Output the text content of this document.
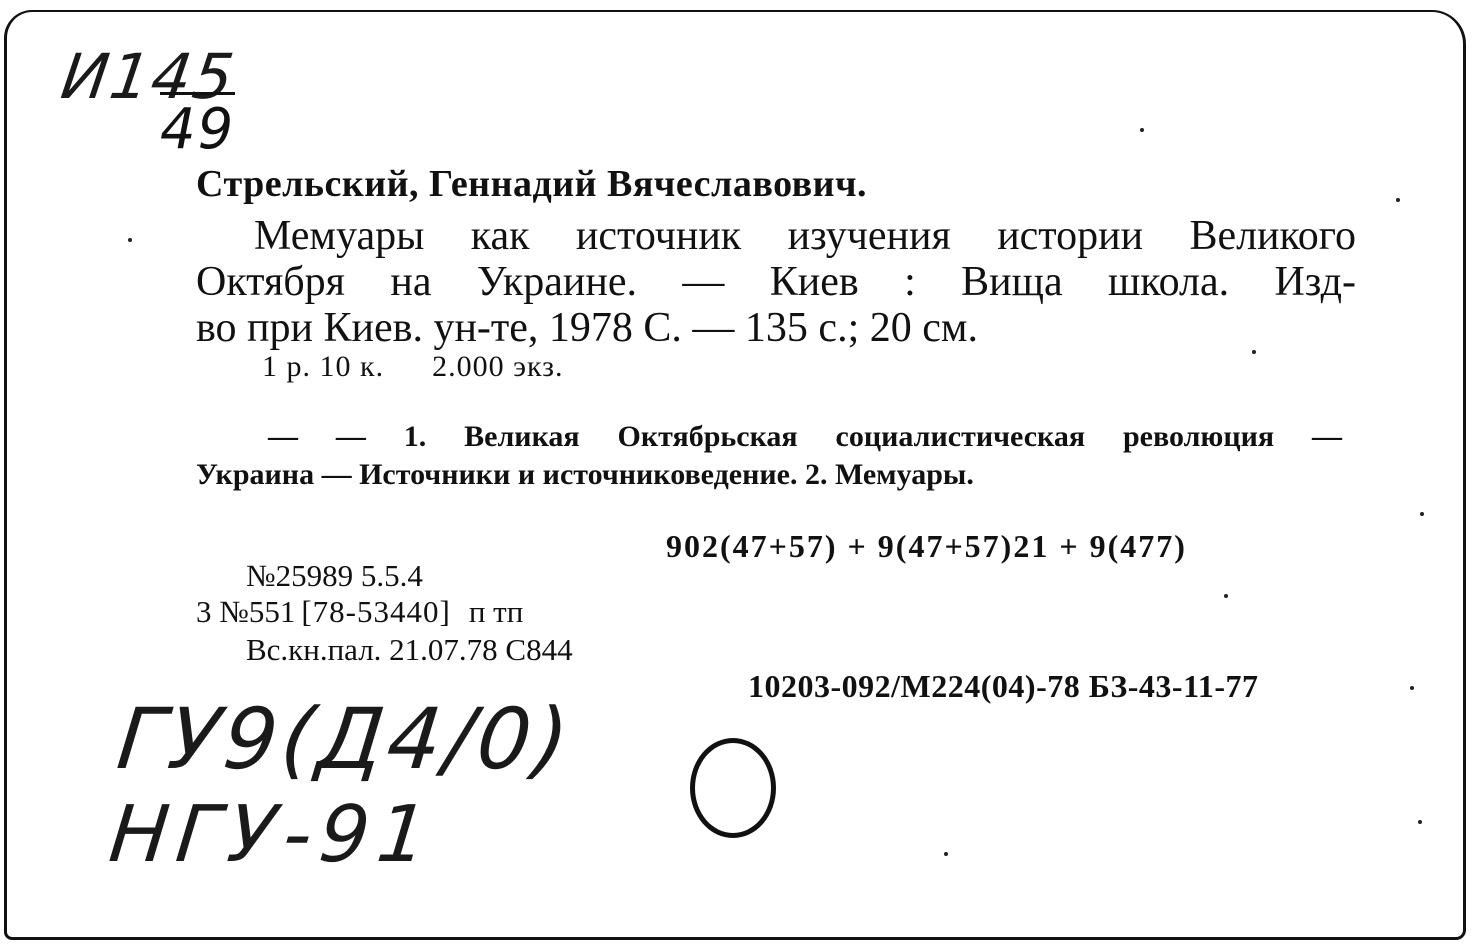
И145
49
Стрельский, Геннадий Вячеславович.
Мемуары как источник изучения истории Великого
Октября на Украине. — Киев : Вища школа. Изд-
во при Киев. ун-те, 1978 С. — 135 с.; 20 см.
1 р. 10 к. 2.000 экз.
— — 1. Великая Октябрьская социалистическая революция —
Украина — Источники и источниковедение. 2. Мемуары.
902(47+57) + 9(47+57)21 + 9(477)
№25989 5.5.4
3 №551 [78-53440] п тп
Вс.кн.пал. 21.07.78 С844
10203-092/М224(04)-78 БЗ-43-11-77
ГУ9(Д4/0)
НГУ-91
